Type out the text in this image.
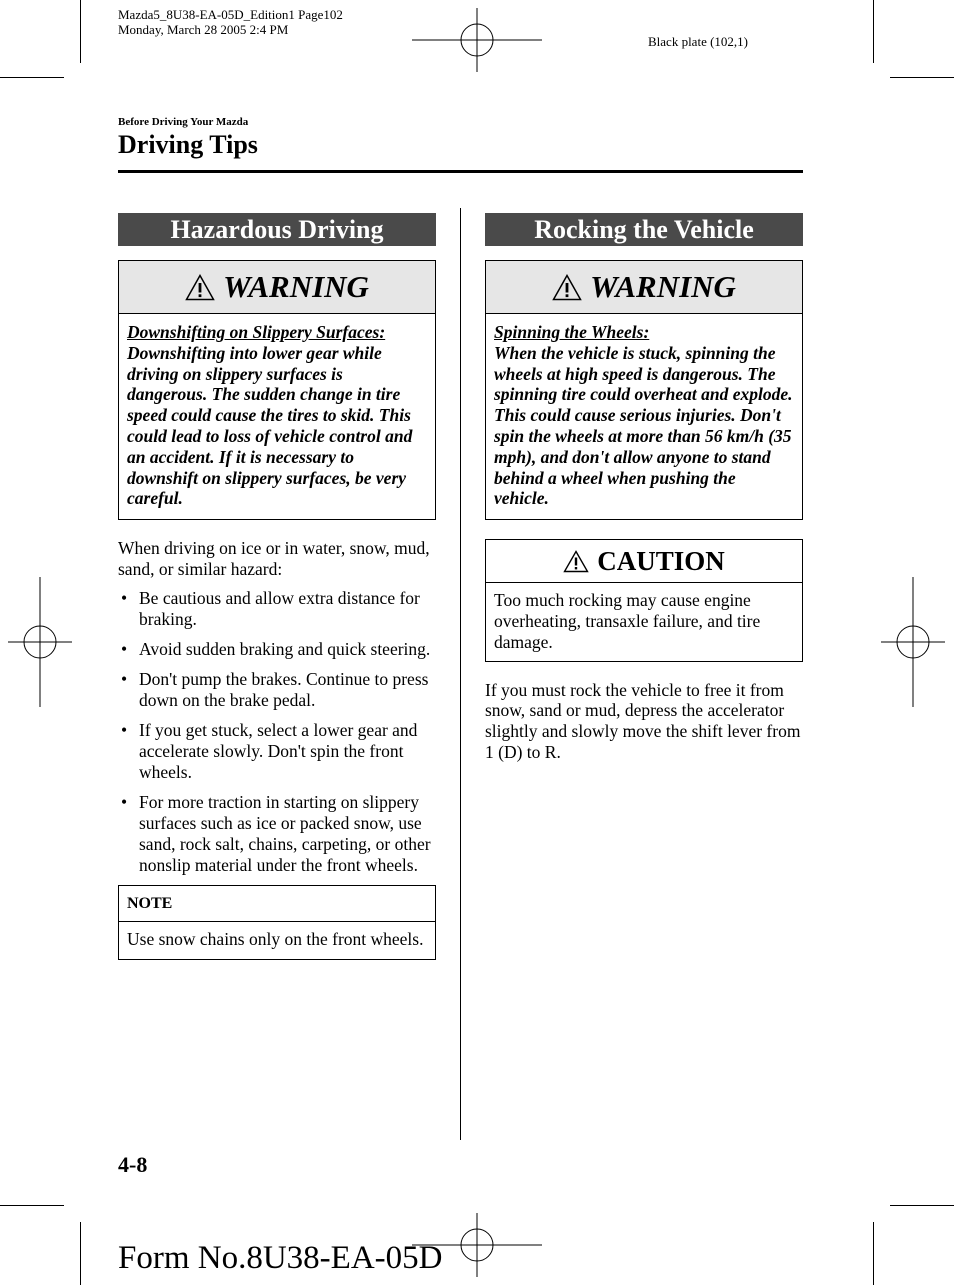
Mazda5_8U38-EA-05D_Edition1 Page102
Monday, March 28 2005 2:4 PM
Black plate (102,1)
Before Driving Your Mazda
Driving Tips
Hazardous Driving
WARNING
Downshifting on Slippery Surfaces:
Downshifting into lower gear while driving on slippery surfaces is dangerous. The sudden change in tire speed could cause the tires to skid. This could lead to loss of vehicle control and an accident. If it is necessary to downshift on slippery surfaces, be very careful.
When driving on ice or in water, snow, mud, sand, or similar hazard:
• Be cautious and allow extra distance for braking.
• Avoid sudden braking and quick steering.
• Don't pump the brakes. Continue to press down on the brake pedal.
• If you get stuck, select a lower gear and accelerate slowly. Don't spin the front wheels.
• For more traction in starting on slippery surfaces such as ice or packed snow, use sand, rock salt, chains, carpeting, or other nonslip material under the front wheels.
NOTE
Use snow chains only on the front wheels.
Rocking the Vehicle
WARNING
Spinning the Wheels:
When the vehicle is stuck, spinning the wheels at high speed is dangerous. The spinning tire could overheat and explode. This could cause serious injuries. Don't spin the wheels at more than 56 km/h (35 mph), and don't allow anyone to stand behind a wheel when pushing the vehicle.
CAUTION
Too much rocking may cause engine overheating, transaxle failure, and tire damage.
If you must rock the vehicle to free it from snow, sand or mud, depress the accelerator slightly and slowly move the shift lever from 1 (D) to R.
4-8
Form No.8U38-EA-05D
